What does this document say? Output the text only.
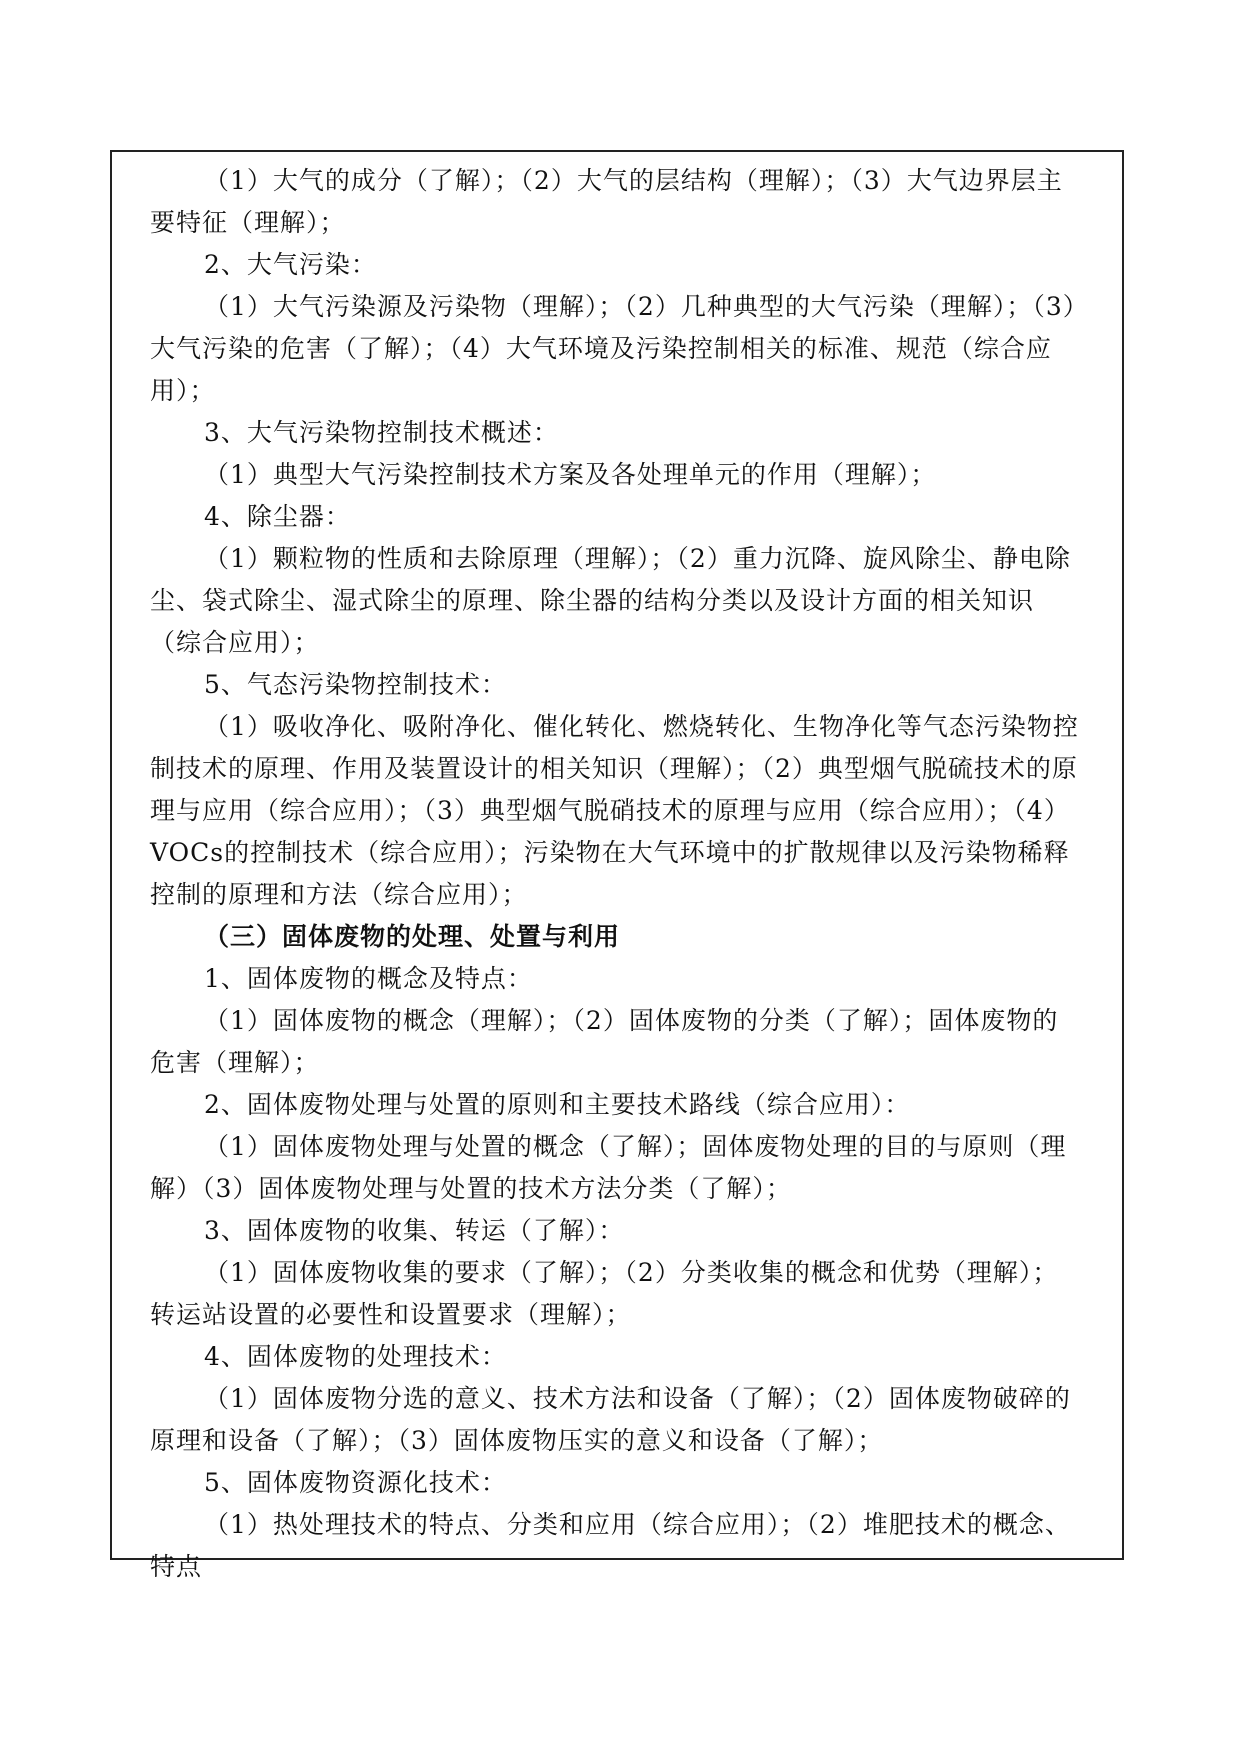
（1）大气的成分（了解）；（2）大气的层结构（理解）；（3）大气边界层主要特征（理解）；

2、大气污染：

（1）大气污染源及污染物（理解）；（2）几种典型的大气污染（理解）；（3）大气污染的危害（了解）；（4）大气环境及污染控制相关的标准、规范（综合应用）；

3、大气污染物控制技术概述：

（1）典型大气污染控制技术方案及各处理单元的作用（理解）；

4、除尘器：

（1）颗粒物的性质和去除原理（理解）；（2）重力沉降、旋风除尘、静电除尘、袋式除尘、湿式除尘的原理、除尘器的结构分类以及设计方面的相关知识（综合应用）；

5、气态污染物控制技术：

（1）吸收净化、吸附净化、催化转化、燃烧转化、生物净化等气态污染物控制技术的原理、作用及装置设计的相关知识（理解）；（2）典型烟气脱硫技术的原理与应用（综合应用）；（3）典型烟气脱硝技术的原理与应用（综合应用）；（4）VOCs的控制技术（综合应用）；污染物在大气环境中的扩散规律以及污染物稀释控制的原理和方法（综合应用）；

（三）固体废物的处理、处置与利用

1、固体废物的概念及特点：

（1）固体废物的概念（理解）；（2）固体废物的分类（了解）；固体废物的危害（理解）；

2、固体废物处理与处置的原则和主要技术路线（综合应用）：

（1）固体废物处理与处置的概念（了解）；固体废物处理的目的与原则（理解）（3）固体废物处理与处置的技术方法分类（了解）；

3、固体废物的收集、转运（了解）：

（1）固体废物收集的要求（了解）；（2）分类收集的概念和优势（理解）；转运站设置的必要性和设置要求（理解）；

4、固体废物的处理技术：

（1）固体废物分选的意义、技术方法和设备（了解）；（2）固体废物破碎的原理和设备（了解）；（3）固体废物压实的意义和设备（了解）；

5、固体废物资源化技术：

（1）热处理技术的特点、分类和应用（综合应用）；（2）堆肥技术的概念、特点
